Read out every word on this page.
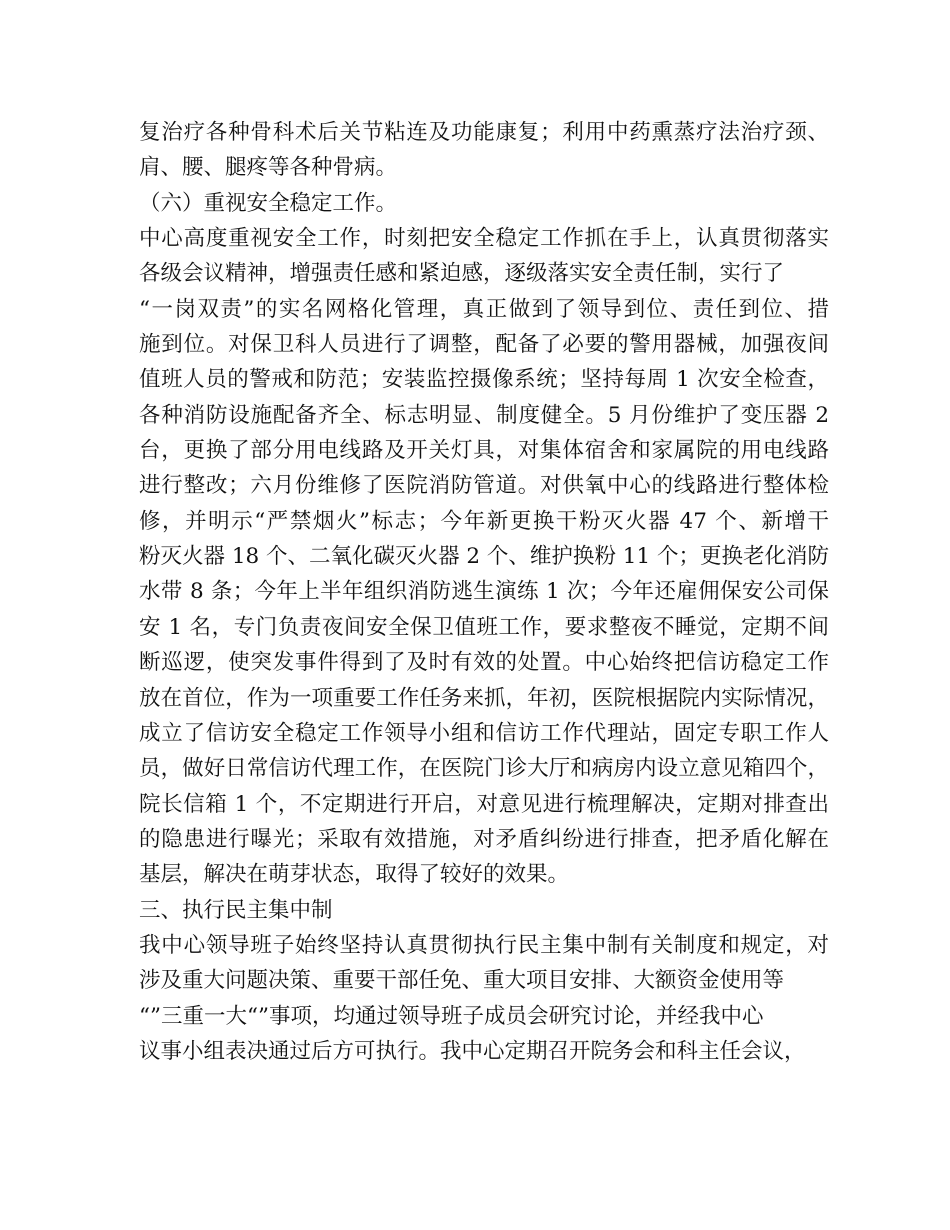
复治疗各种骨科术后关节粘连及功能康复；利用中药熏蒸疗法治疗颈、
肩、腰、腿疼等各种骨病。
（六）重视安全稳定工作。
中心高度重视安全工作，时刻把安全稳定工作抓在手上，认真贯彻落实
各级会议精神，增强责任感和紧迫感，逐级落实安全责任制，实行了
“一岗双责”的实名网格化管理，真正做到了领导到位、责任到位、措
施到位。对保卫科人员进行了调整，配备了必要的警用器械，加强夜间
值班人员的警戒和防范；安装监控摄像系统；坚持每周 1 次安全检查，
各种消防设施配备齐全、标志明显、制度健全。5 月份维护了变压器 2
台，更换了部分用电线路及开关灯具，对集体宿舍和家属院的用电线路
进行整改；六月份维修了医院消防管道。对供氧中心的线路进行整体检
修，并明示“严禁烟火”标志；今年新更换干粉灭火器 47 个、新增干
粉灭火器 18 个、二氧化碳灭火器 2 个、维护换粉 11 个；更换老化消防
水带 8 条；今年上半年组织消防逃生演练 1 次；今年还雇佣保安公司保
安 1 名，专门负责夜间安全保卫值班工作，要求整夜不睡觉，定期不间
断巡逻，使突发事件得到了及时有效的处置。中心始终把信访稳定工作
放在首位，作为一项重要工作任务来抓，年初，医院根据院内实际情况，
成立了信访安全稳定工作领导小组和信访工作代理站，固定专职工作人
员，做好日常信访代理工作，在医院门诊大厅和病房内设立意见箱四个，
院长信箱 1 个，不定期进行开启，对意见进行梳理解决，定期对排查出
的隐患进行曝光；采取有效措施，对矛盾纠纷进行排查，把矛盾化解在
基层，解决在萌芽状态，取得了较好的效果。
三、执行民主集中制
我中心领导班子始终坚持认真贯彻执行民主集中制有关制度和规定，对
涉及重大问题决策、重要干部任免、重大项目安排、大额资金使用等
“”三重一大“”事项，均通过领导班子成员会研究讨论，并经我中心
议事小组表决通过后方可执行。我中心定期召开院务会和科主任会议，
